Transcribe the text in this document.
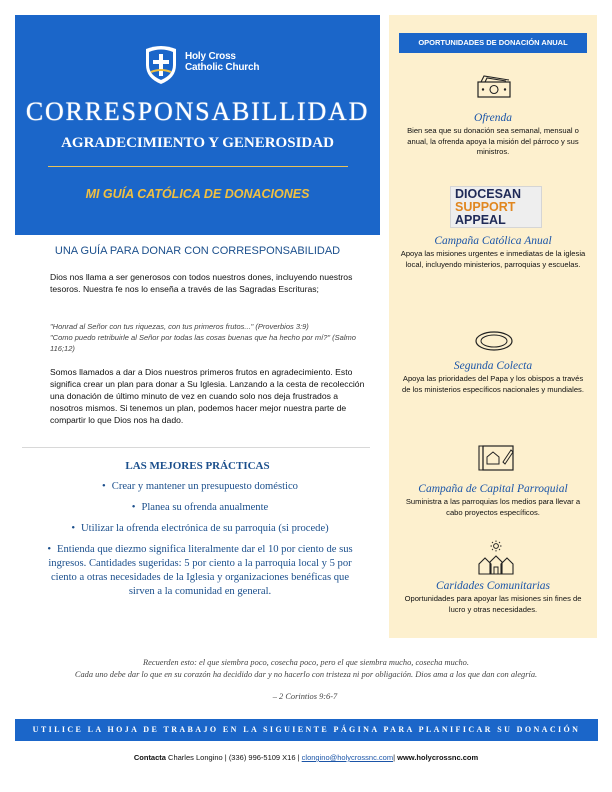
Holy Cross
Catholic Church
CORRESPONSABILLIDAD
AGRADECIMIENTO Y GENEROSIDAD
MI GUÍA CATÓLICA DE DONACIONES
UNA GUÍA PARA DONAR CON CORRESPONSABILIDAD

Dios nos llama a ser generosos con todos nuestros dones, incluyendo nuestros tesoros. Nuestra fe nos lo enseña a través de las Sagradas Escrituras;

"Honrad al Señor con tus riquezas, con tus primeros frutos..." (Proverbios 3:9)
"Como puedo retribuirle al Señor por todas las cosas buenas que ha hecho por mí?" (Salmo 116;12)

Somos llamados a dar a Dios nuestros primeros frutos en agradecimiento. Esto significa crear un plan para donar a Su Iglesia. Lanzando a la cesta de recolección una donación de último minuto de vez en cuando solo nos deja frustrados a nosotros mismos. Si tenemos un plan, podemos hacer mejor nuestra parte de compartir lo que Dios nos ha dado.

LAS MEJORES PRÁCTICAS
• Crear y mantener un presupuesto doméstico
• Planea su ofrenda anualmente
• Utilizar la ofrenda electrónica de su parroquia (si procede)
• Entienda que diezmo significa literalmente dar el 10 por ciento de sus ingresos. Cantidades sugeridas: 5 por ciento a la parroquia local y 5 por ciento a otras necesidades de la Iglesia y organizaciones benéficas que sirven a la comunidad en general.
OPORTUNIDADES DE DONACIÓN ANUAL
Ofrenda
Bien sea que su donación sea semanal, mensual o anual, la ofrenda apoya la misión del párroco y sus ministros.
DIOCESAN
SUPPORT
APPEAL
Campaña Católica Anual
Apoya las misiones urgentes e inmediatas de la iglesia local, incluyendo ministerios, parroquias y escuelas.
Segunda Colecta
Apoya las prioridades del Papa y los obispos a través de los ministerios específicos nacionales y mundiales.
Campaña de Capital Parroquial
Suministra a las parroquias los medios para llevar a cabo proyectos específicos.
Caridades Comunitarias
Oportunidades para apoyar las misiones sin fines de lucro y otras necesidades.
Recuerden esto: el que siembra poco, cosecha poco, pero el que siembra mucho, cosecha mucho.
Cada uno debe dar lo que en su corazón ha decidido dar y no hacerlo con tristeza ni por obligación. Dios ama a los que dan con alegría.
– 2 Corintios 9:6-7
UTILICE LA HOJA DE TRABAJO EN LA SIGUIENTE PÁGINA PARA PLANIFICAR SU DONACIÓN
Contacta Charles Longino | (336) 996-5109 X16 | clongino@holycrossnc.com| www.holycrossnc.com
